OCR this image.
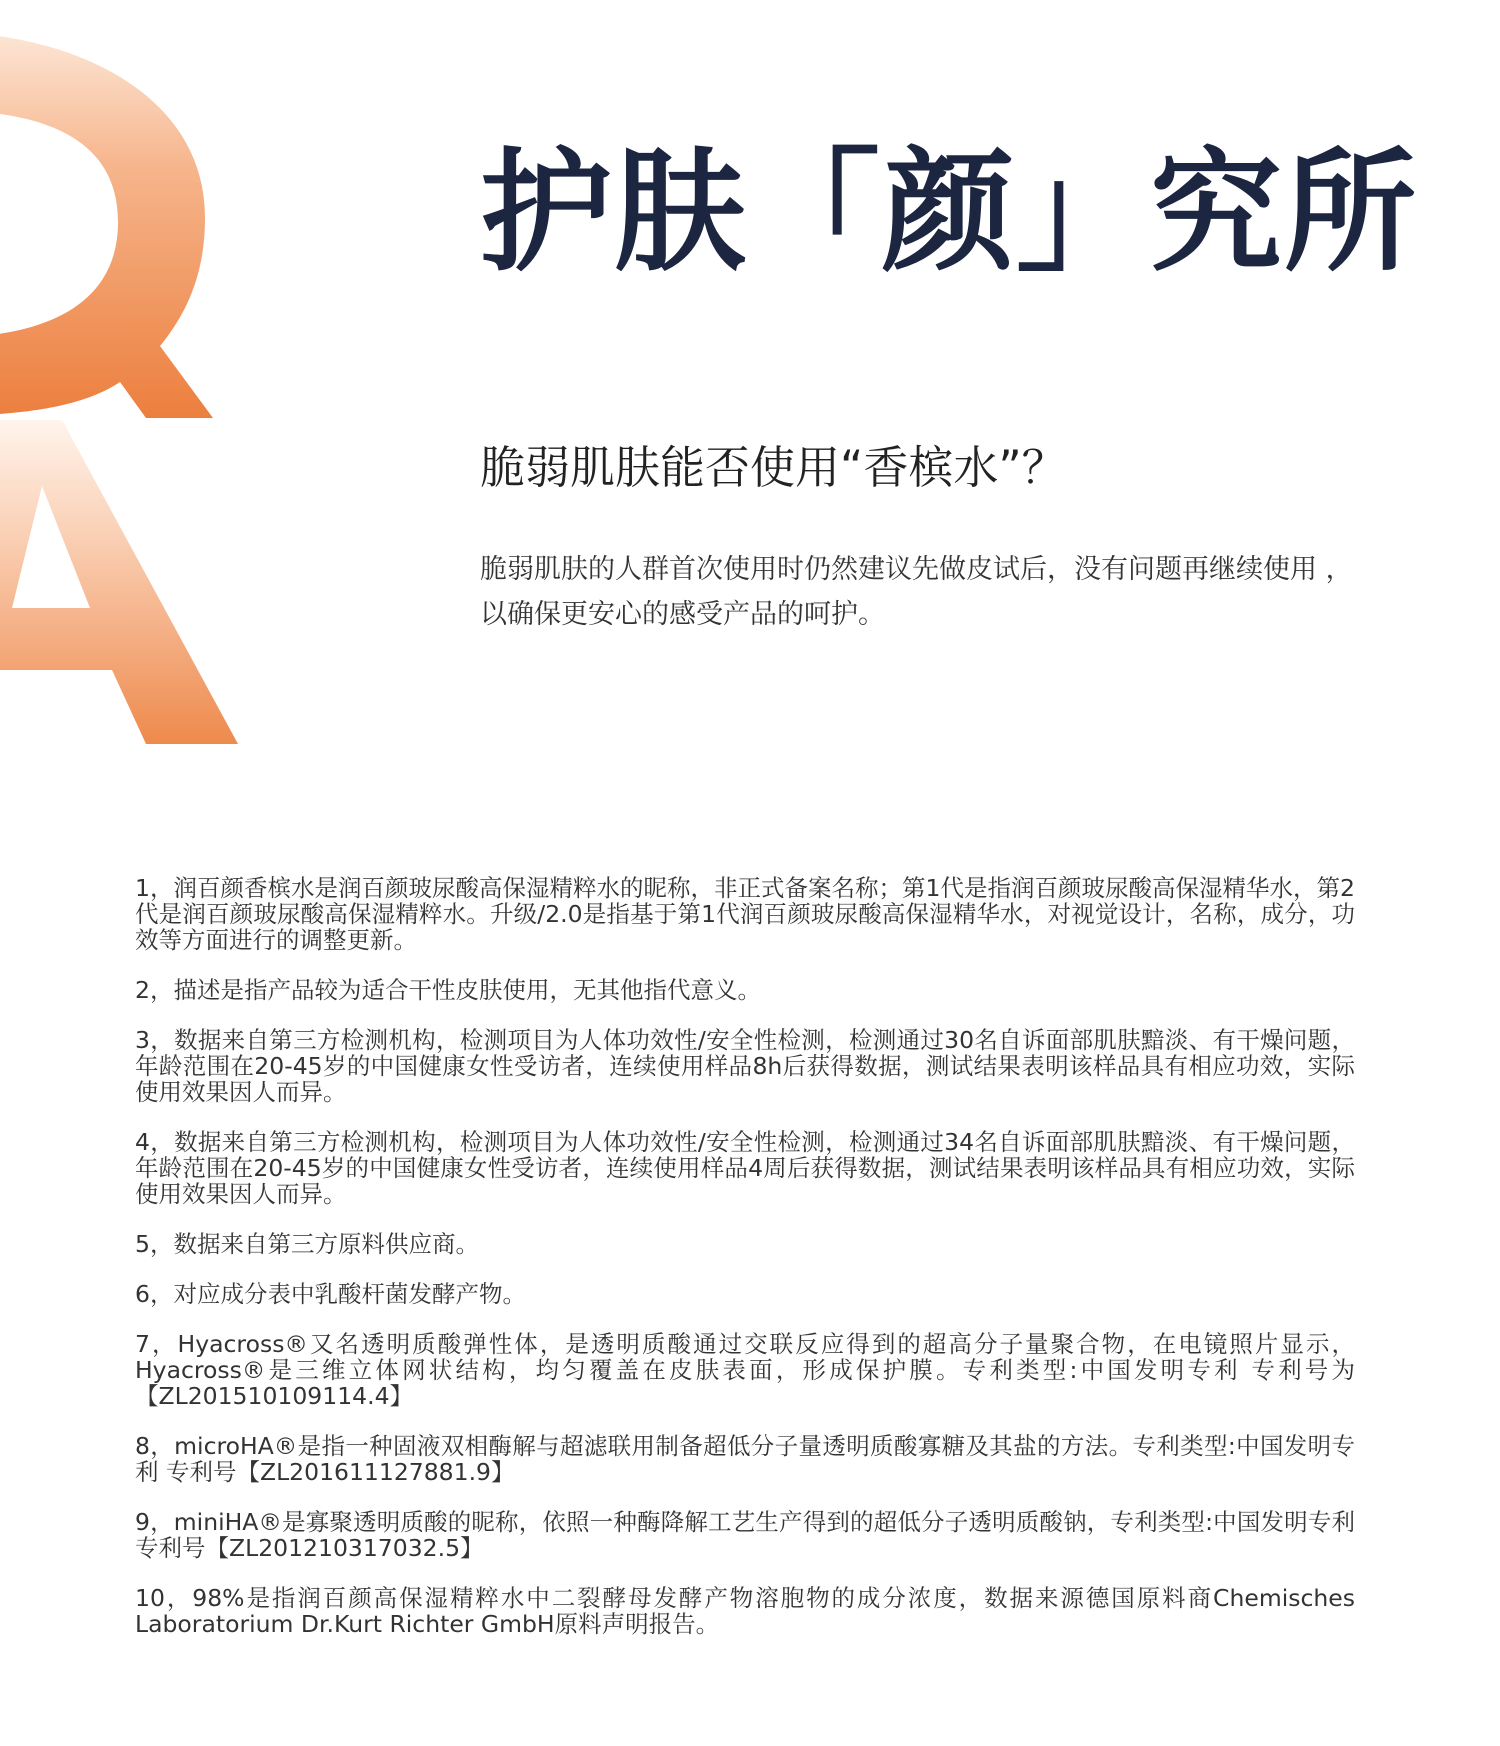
护肤「颜」究所
脆弱肌肤能否使用“香槟水”？

脆弱肌肤的人群首次使用时仍然建议先做皮试后，没有问题再继续使用 ，以确保更安心的感受产品的呵护。

1，润百颜香槟水是润百颜玻尿酸高保湿精粹水的昵称，非正式备案名称；第1代是指润百颜玻尿酸高保湿精华水，第2代是润百颜玻尿酸高保湿精粹水。升级/2.0是指基于第1代润百颜玻尿酸高保湿精华水，对视觉设计，名称，成分，功效等方面进行的调整更新。
2，描述是指产品较为适合干性皮肤使用，无其他指代意义。
3，数据来自第三方检测机构，检测项目为人体功效性/安全性检测，检测通过30名自诉面部肌肤黯淡、有干燥问题，年龄范围在20-45岁的中国健康女性受访者，连续使用样品8h后获得数据，测试结果表明该样品具有相应功效，实际使用效果因人而异。
4，数据来自第三方检测机构，检测项目为人体功效性/安全性检测，检测通过34名自诉面部肌肤黯淡、有干燥问题，年龄范围在20-45岁的中国健康女性受访者，连续使用样品4周后获得数据，测试结果表明该样品具有相应功效，实际使用效果因人而异。
5，数据来自第三方原料供应商。
6，对应成分表中乳酸杆菌发酵产物。
7，Hyacross®又名透明质酸弹性体，是透明质酸通过交联反应得到的超高分子量聚合物，在电镜照片显示，Hyacross®是三维立体网状结构，均匀覆盖在皮肤表面，形成保护膜。专利类型:中国发明专利 专利号为【ZL201510109114.4】
8，microHA®是指一种固液双相酶解与超滤联用制备超低分子量透明质酸寡糖及其盐的方法。专利类型:中国发明专利 专利号【ZL201611127881.9】
9，miniHA®是寡聚透明质酸的昵称，依照一种酶降解工艺生产得到的超低分子透明质酸钠，专利类型:中国发明专利 专利号【ZL201210317032.5】
10，98%是指润百颜高保湿精粹水中二裂酵母发酵产物溶胞物的成分浓度，数据来源德国原料商Chemisches Laboratorium Dr.Kurt Richter GmbH原料声明报告。
